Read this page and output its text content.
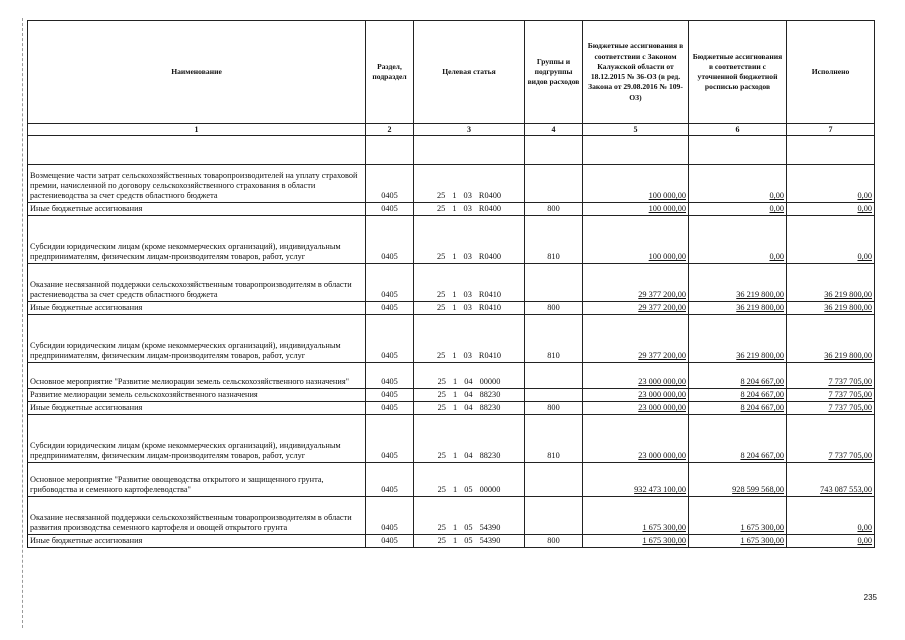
Наименование	Раздел, подраздел	Целевая статья	Группы и подгруппы видов расходов	Бюджетные ассигнования в соответствии с Законом Калужской области от 18.12.2015 № 36-ОЗ (в ред. Закона от 29.08.2016 № 109-ОЗ)	Бюджетные ассигнования в соответствии с уточненной бюджетной росписью расходов	Исполнено
1	2	3	4	5	6	7

Возмещение части затрат сельскохозяйственных товаропроизводителей на уплату страховой премии, начисленной по договору сельскохозяйственного страхования в области растениеводства за счет средств областного бюджета	0405	25 1 03 R0400		100 000,00	0,00	0,00
Иные бюджетные ассигнования	0405	25 1 03 R0400	800	100 000,00	0,00	0,00
Субсидии юридическим лицам (кроме некоммерческих организаций), индивидуальным предпринимателям, физическим лицам-производителям товаров, работ, услуг	0405	25 1 03 R0400	810	100 000,00	0,00	0,00
Оказание несвязанной поддержки сельскохозяйственным товаропроизводителям в области растениеводства за счет средств областного бюджета	0405	25 1 03 R0410		29 377 200,00	36 219 800,00	36 219 800,00
Иные бюджетные ассигнования	0405	25 1 03 R0410	800	29 377 200,00	36 219 800,00	36 219 800,00
Субсидии юридическим лицам (кроме некоммерческих организаций), индивидуальным предпринимателям, физическим лицам-производителям товаров, работ, услуг	0405	25 1 03 R0410	810	29 377 200,00	36 219 800,00	36 219 800,00
Основное мероприятие "Развитие мелиорации земель сельскохозяйственного назначения"	0405	25 1 04 00000		23 000 000,00	8 204 667,00	7 737 705,00
Развитие мелиорации земель сельскохозяйственного назначения	0405	25 1 04 88230		23 000 000,00	8 204 667,00	7 737 705,00
Иные бюджетные ассигнования	0405	25 1 04 88230	800	23 000 000,00	8 204 667,00	7 737 705,00
Субсидии юридическим лицам (кроме некоммерческих организаций), индивидуальным предпринимателям, физическим лицам-производителям товаров, работ, услуг	0405	25 1 04 88230	810	23 000 000,00	8 204 667,00	7 737 705,00
Основное мероприятие "Развитие овощеводства открытого и защищенного грунта, грибоводства и семенного картофелеводства"	0405	25 1 05 00000		932 473 100,00	928 599 568,00	743 087 553,00
Оказание несвязанной поддержки сельскохозяйственным товаропроизводителям в области развития производства семенного картофеля и овощей открытого грунта	0405	25 1 05 54390		1 675 300,00	1 675 300,00	0,00
Иные бюджетные ассигнования	0405	25 1 05 54390	800	1 675 300,00	1 675 300,00	0,00
235
